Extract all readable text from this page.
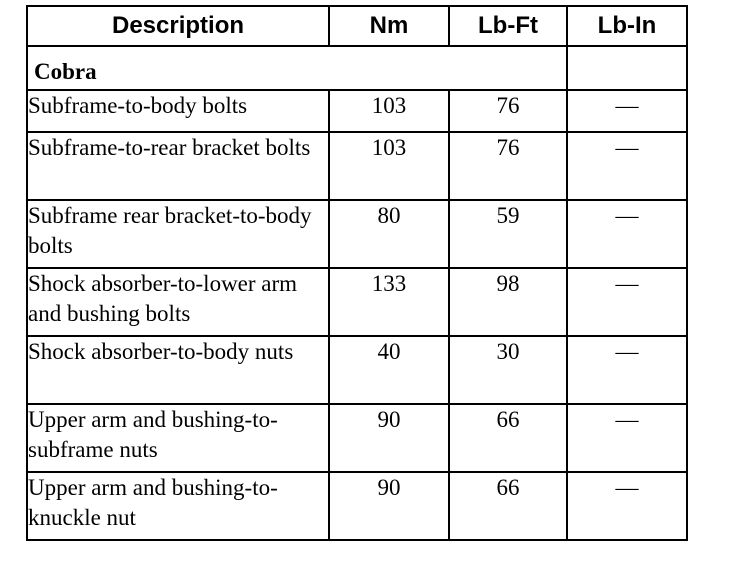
Description	Nm	Lb-Ft	Lb-In
Cobra			
Subframe-to-body bolts	103	76	—
Subframe-to-rear bracket bolts	103	76	—
Subframe rear bracket-to-body bolts	80	59	—
Shock absorber-to-lower arm and bushing bolts	133	98	—
Shock absorber-to-body nuts	40	30	—
Upper arm and bushing-to-subframe nuts	90	66	—
Upper arm and bushing-to-knuckle nut	90	66	—
